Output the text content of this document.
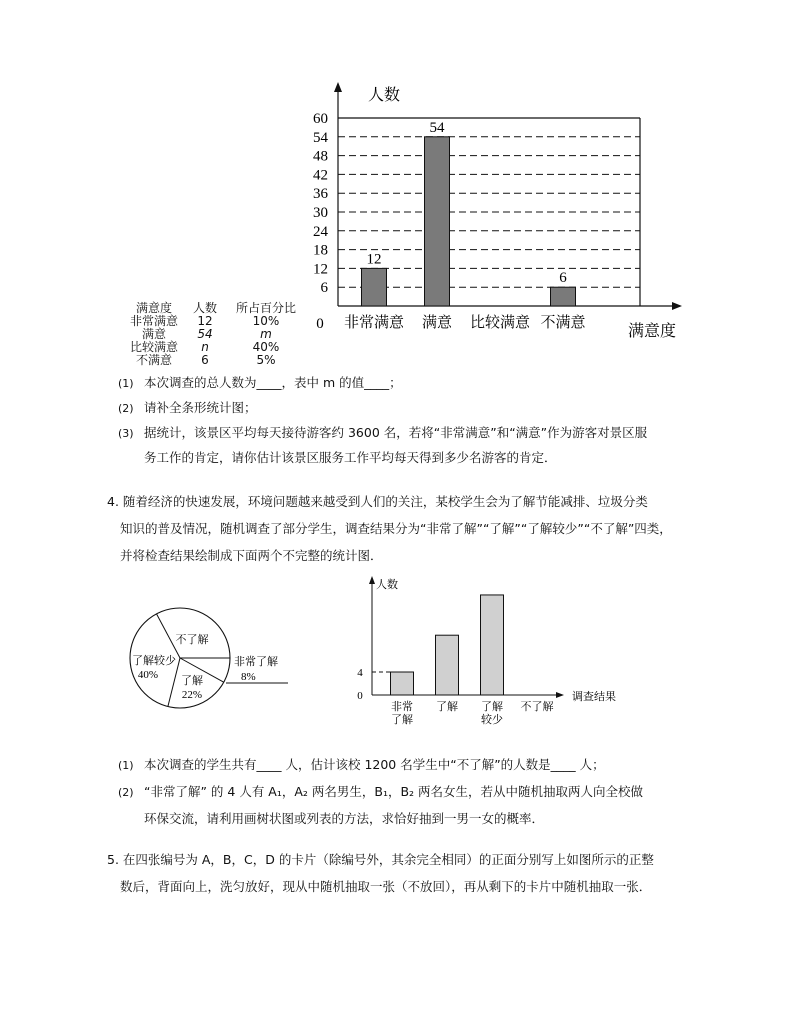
6
12
18
24
30
36
42
48
54
60
0
人数
满意度
非常满意
12
满意
54
比较满意 不满意
6
满意度	人数	所占百分比
非常满意	12	10%
满意	54	m
比较满意	n	40%
不满意	6	5%
(1) 本次调查的总人数为____，表中 m 的值____；
(2) 请补全条形统计图；
(3) 据统计，该景区平均每天接待游客约 3600 名，若将“非常满意”和“满意”作为游客对景区服
务工作的肯定，请你估计该景区服务工作平均每天得到多少名游客的肯定．
4. 随着经济的快速发展，环境问题越来越受到人们的关注，某校学生会为了解节能减排、垃圾分类
知识的普及情况，随机调查了部分学生，调查结果分为“非常了解”“了解”“了解较少”“不了解”四类，
并将检查结果绘制成下面两个不完整的统计图．
不了解
了解较少
40% 了解
22%
非常了解
8%
人数
调查结果
0
4
非常
了解
了解 了解
较少
不了解
(1) 本次调查的学生共有____ 人，估计该校 1200 名学生中“不了解”的人数是____ 人；
(2) “非常了解” 的 4 人有 A₁，A₂ 两名男生，B₁，B₂ 两名女生，若从中随机抽取两人向全校做
环保交流，请利用画树状图或列表的方法，求恰好抽到一男一女的概率．
5. 在四张编号为 A，B，C，D 的卡片（除编号外，其余完全相同）的正面分别写上如图所示的正整
数后，背面向上，洗匀放好，现从中随机抽取一张（不放回），再从剩下的卡片中随机抽取一张．
